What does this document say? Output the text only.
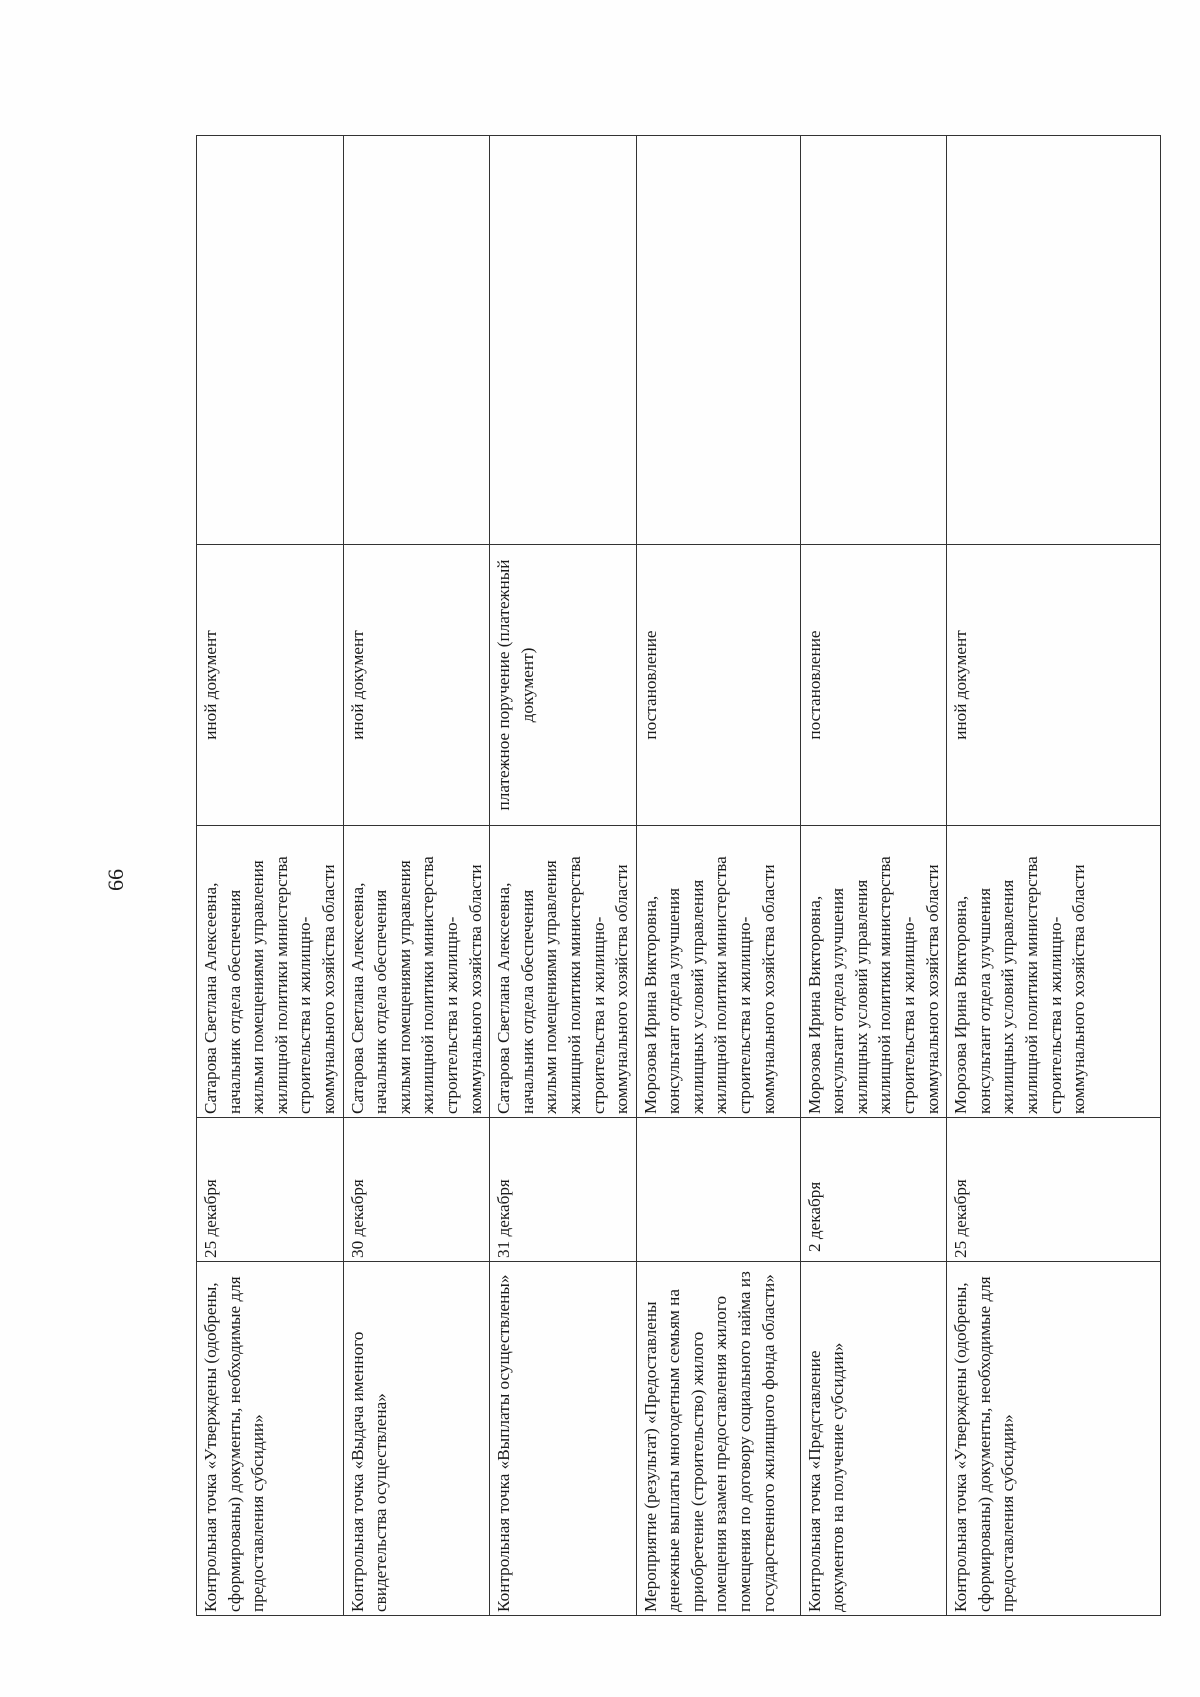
66
Контрольная точка «Утверждены (одобрены, сформированы) документы, необходимые для предоставления субсидии»	25 декабря	Сатарова Светлана Алексеевна, начальник отдела обеспечения жильми помещениями управления жилищной политики министерства строительства и жилищно-коммунального хозяйства области	иной документ	
Контрольная точка «Выдача именного свидетельства осуществлена»	30 декабря	Сатарова Светлана Алексеевна, начальник отдела обеспечения жильми помещениями управления жилищной политики министерства строительства и жилищно-коммунального хозяйства области	иной документ	
Контрольная точка «Выплаты осуществлены»	31 декабря	Сатарова Светлана Алексеевна, начальник отдела обеспечения жильми помещениями управления жилищной политики министерства строительства и жилищно-коммунального хозяйства области	платежное поручение (платежный документ)	
Мероприятие (результат) «Предоставлены денежные выплаты многодетным семьям на приобретение (строительство) жилого помещения взамен предоставления жилого помещения по договору социального найма из государственного жилищного фонда области»		Морозова Ирина Викторовна, консультант отдела улучшения жилищных условий управления жилищной политики министерства строительства и жилищно-коммунального хозяйства области	постановление	
Контрольная точка «Представление документов на получение субсидии»	2 декабря	Морозова Ирина Викторовна, консультант отдела улучшения жилищных условий управления жилищной политики министерства строительства и жилищно-коммунального хозяйства области	постановление	
Контрольная точка «Утверждены (одобрены, сформированы) документы, необходимые для предоставления субсидии»	25 декабря	Морозова Ирина Викторовна, консультант отдела улучшения жилищных условий управления жилищной политики министерства строительства и жилищно-коммунального хозяйства области	иной документ	
